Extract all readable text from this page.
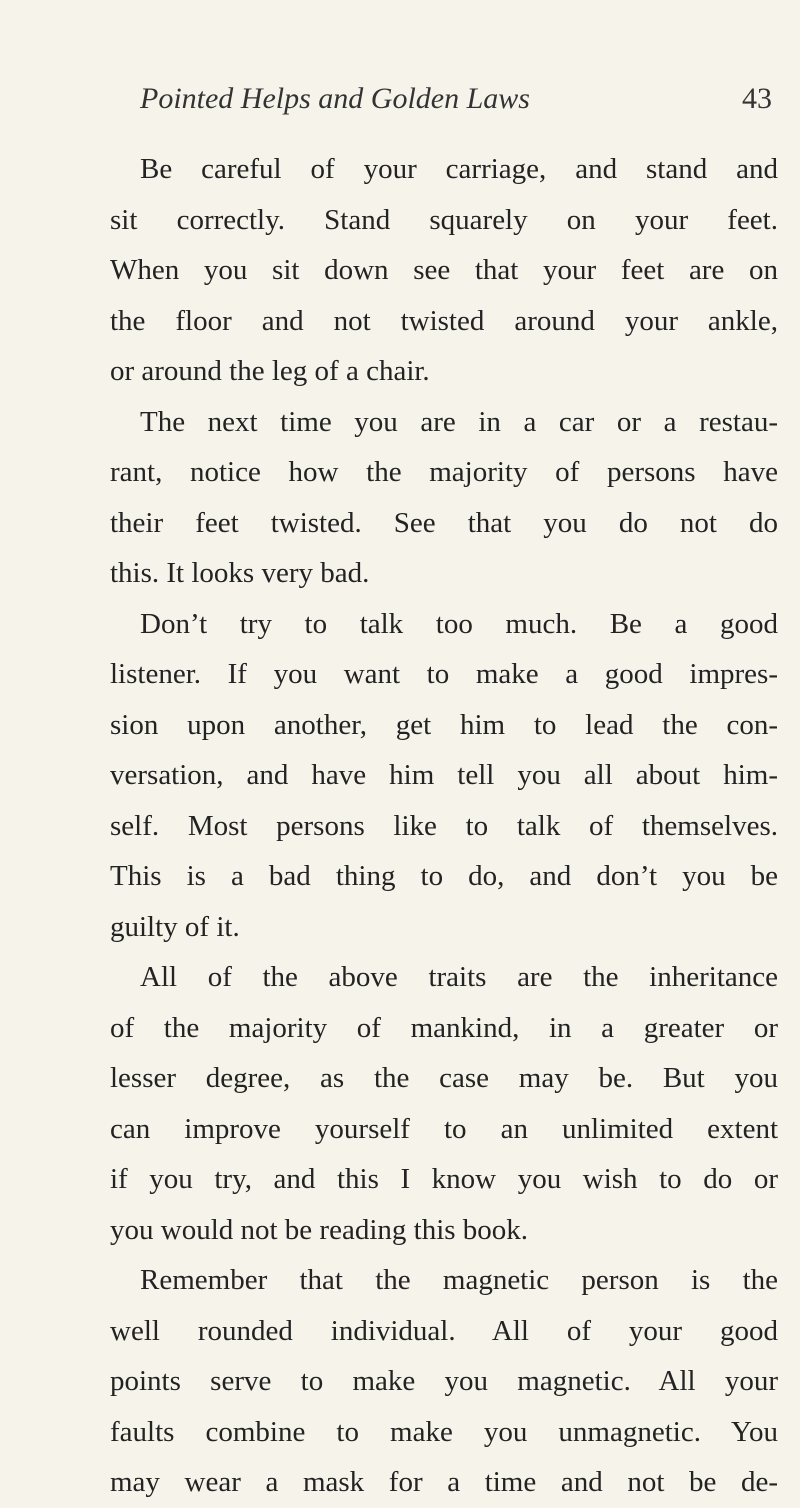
Pointed Helps and Golden Laws	43
Be careful of your carriage, and stand and
sit correctly. Stand squarely on your feet.
When you sit down see that your feet are on
the floor and not twisted around your ankle,
or around the leg of a chair.
The next time you are in a car or a restau-
rant, notice how the majority of persons have
their feet twisted. See that you do not do
this. It looks very bad.
Don’t try to talk too much. Be a good
listener. If you want to make a good impres-
sion upon another, get him to lead the con-
versation, and have him tell you all about him-
self. Most persons like to talk of themselves.
This is a bad thing to do, and don’t you be
guilty of it.
All of the above traits are the inheritance
of the majority of mankind, in a greater or
lesser degree, as the case may be. But you
can improve yourself to an unlimited extent
if you try, and this I know you wish to do or
you would not be reading this book.
Remember that the magnetic person is the
well rounded individual. All of your good
points serve to make you magnetic. All your
faults combine to make you unmagnetic. You
may wear a mask for a time and not be de-
